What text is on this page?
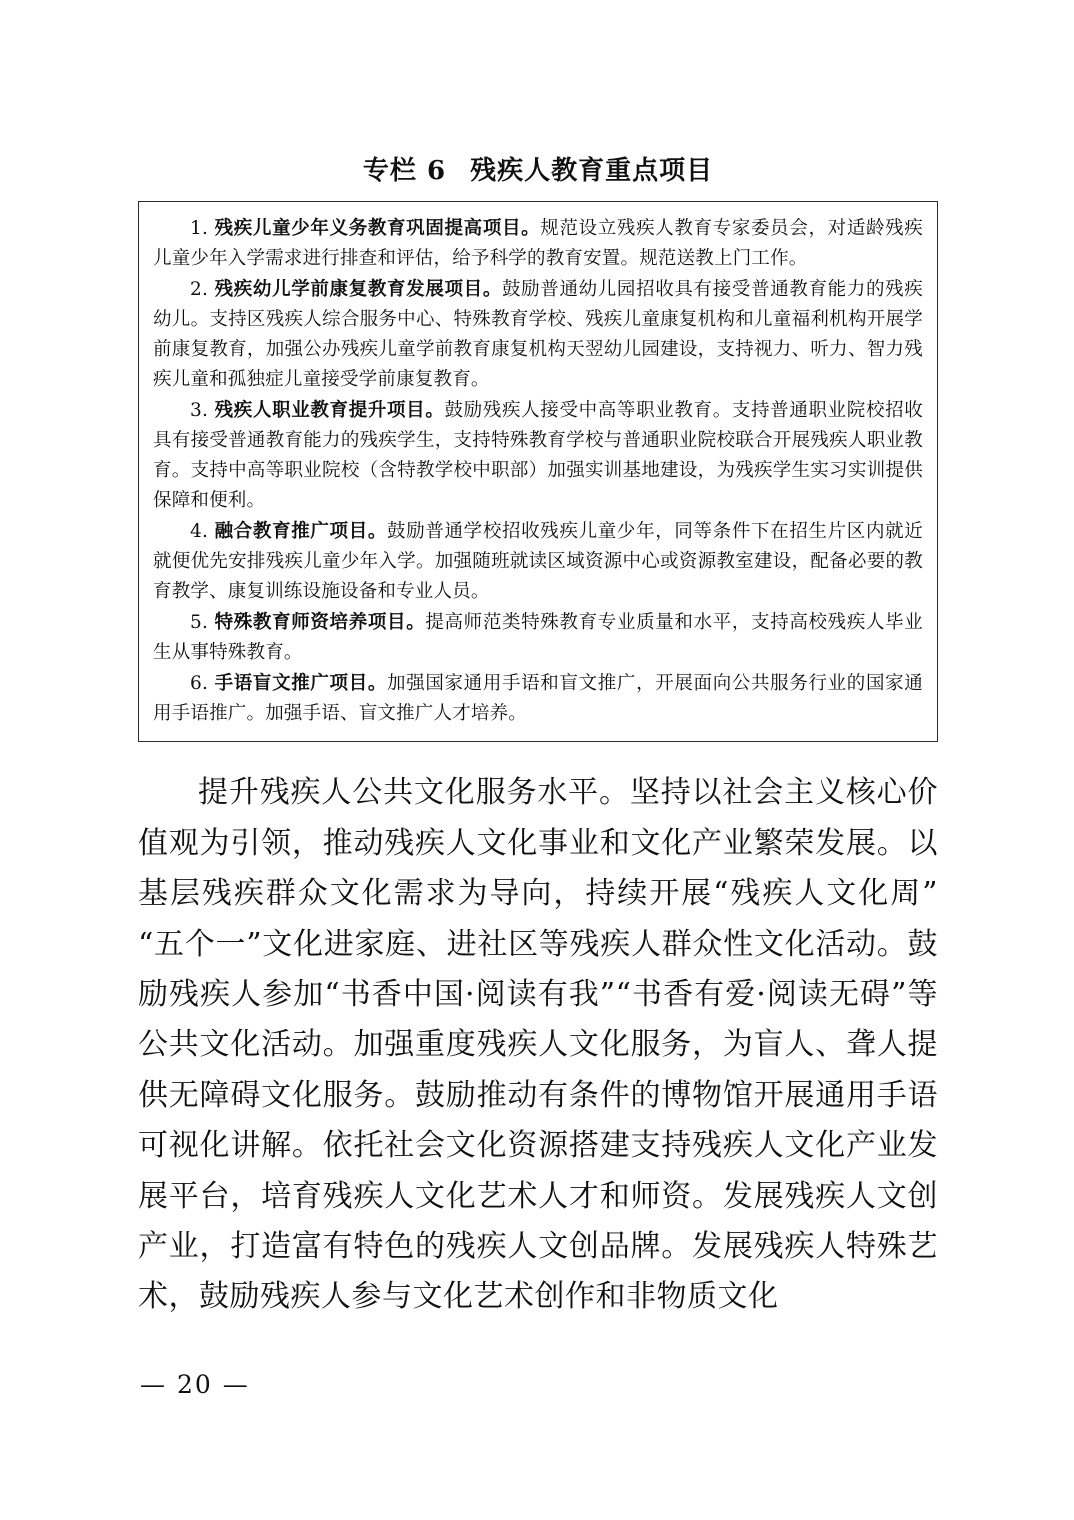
专栏 6 残疾人教育重点项目

1. 残疾儿童少年义务教育巩固提高项目。规范设立残疾人教育专家委员会，对适龄残疾儿童少年入学需求进行排查和评估，给予科学的教育安置。规范送教上门工作。

2. 残疾幼儿学前康复教育发展项目。鼓励普通幼儿园招收具有接受普通教育能力的残疾幼儿。支持区残疾人综合服务中心、特殊教育学校、残疾儿童康复机构和儿童福利机构开展学前康复教育，加强公办残疾儿童学前教育康复机构天翌幼儿园建设，支持视力、听力、智力残疾儿童和孤独症儿童接受学前康复教育。

3. 残疾人职业教育提升项目。鼓励残疾人接受中高等职业教育。支持普通职业院校招收具有接受普通教育能力的残疾学生，支持特殊教育学校与普通职业院校联合开展残疾人职业教育。支持中高等职业院校（含特教学校中职部）加强实训基地建设，为残疾学生实习实训提供保障和便利。

4. 融合教育推广项目。鼓励普通学校招收残疾儿童少年，同等条件下在招生片区内就近就便优先安排残疾儿童少年入学。加强随班就读区域资源中心或资源教室建设，配备必要的教育教学、康复训练设施设备和专业人员。

5. 特殊教育师资培养项目。提高师范类特殊教育专业质量和水平，支持高校残疾人毕业生从事特殊教育。

6. 手语盲文推广项目。加强国家通用手语和盲文推广，开展面向公共服务行业的国家通用手语推广。加强手语、盲文推广人才培养。

提升残疾人公共文化服务水平。坚持以社会主义核心价值观为引领，推动残疾人文化事业和文化产业繁荣发展。以基层残疾群众文化需求为导向，持续开展“残疾人文化周”“五个一”文化进家庭、进社区等残疾人群众性文化活动。鼓励残疾人参加“书香中国·阅读有我”“书香有爱·阅读无碍”等公共文化活动。加强重度残疾人文化服务，为盲人、聋人提供无障碍文化服务。鼓励推动有条件的博物馆开展通用手语可视化讲解。依托社会文化资源搭建支持残疾人文化产业发展平台，培育残疾人文化艺术人才和师资。发展残疾人文创产业，打造富有特色的残疾人文创品牌。发展残疾人特殊艺术，鼓励残疾人参与文化艺术创作和非物质文化

— 20 —
